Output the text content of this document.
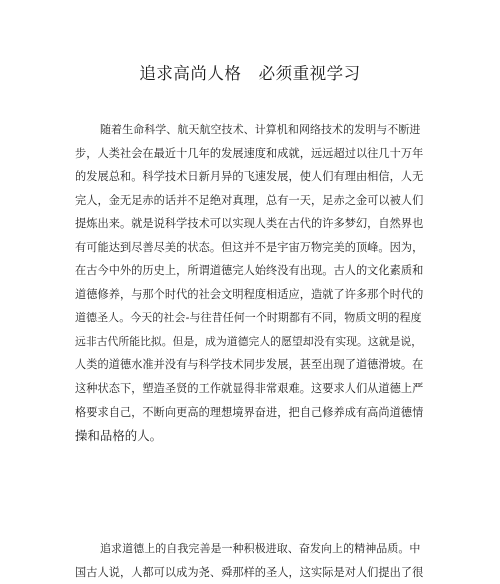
追求高尚人格   必须重视学习
随着生命科学、航天航空技术、计算机和网络技术的发明与不断进
步，人类社会在最近十几年的发展速度和成就，远远超过以往几十万年
的发展总和。科学技术日新月异的飞速发展，使人们有理由相信，人无
完人，金无足赤的话并不足绝对真理，总有一天，足赤之金可以被人们
提炼出来。就是说科学技术可以实现人类在古代的许多梦幻，自然界也
有可能达到尽善尽美的状态。但这并不是宇宙万物完美的顶峰。因为，
在古今中外的历史上，所谓道德完人始终没有出现。古人的文化素质和
道德修养，与那个时代的社会文明程度相适应，造就了许多那个时代的
道德圣人。今天的社会-与往昔任何一个时期都有不同，物质文明的程度
远非古代所能比拟。但是，成为道德完人的愿望却没有实现。这就是说，
人类的道德水准并没有与科学技术同步发展，甚至出现了道德滑坡。在
这种状态下，塑造圣贤的工作就显得非常艰难。这要求人们从道德上严
格要求自己，不断向更高的理想境界奋进，把自己修养成有高尚道德情
操和品格的人。
追求道德上的自我完善是一种积极进取、奋发向上的精神品质。中
国古人说，人都可以成为尧、舜那样的圣人，这实际是对人们提出了很
